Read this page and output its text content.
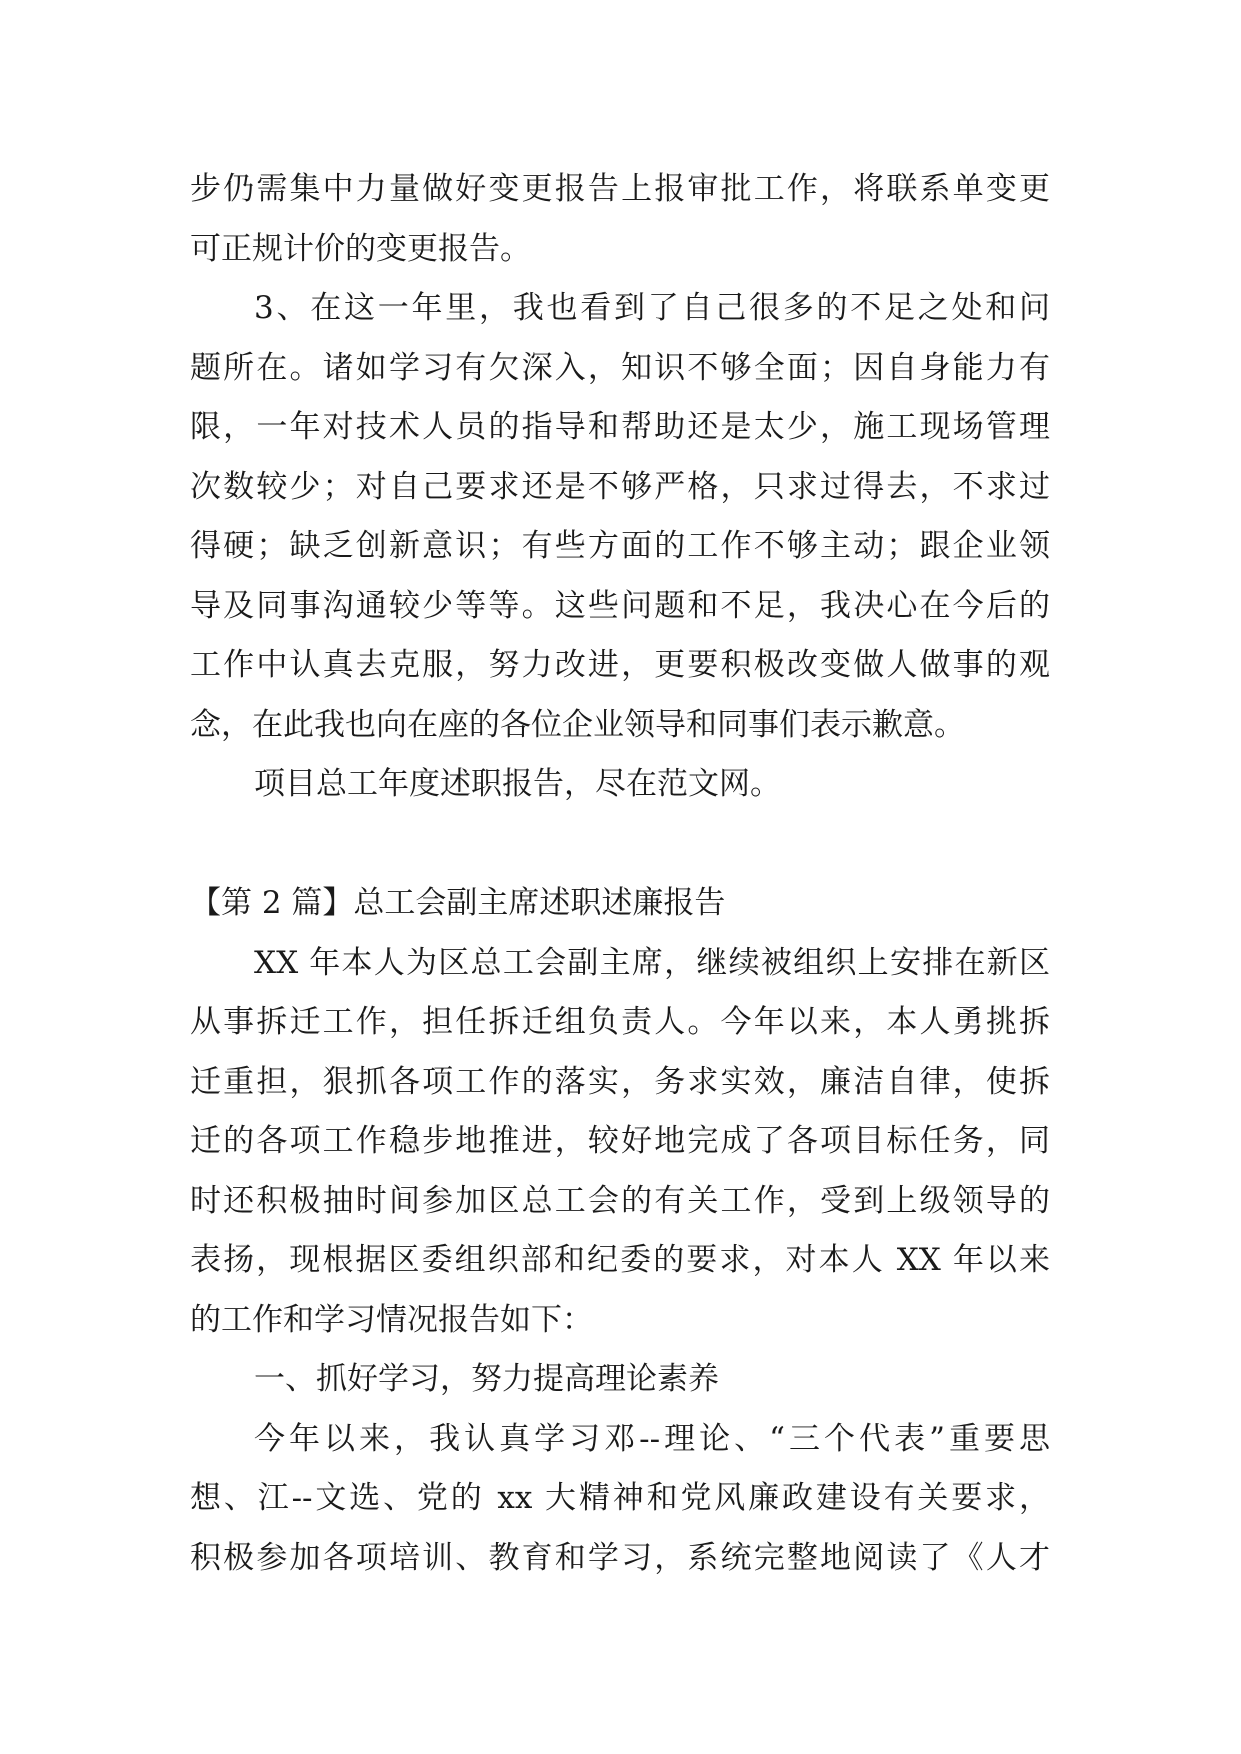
步仍需集中力量做好变更报告上报审批工作，将联系单变更
可正规计价的变更报告。
3、在这一年里，我也看到了自己很多的不足之处和问
题所在。诸如学习有欠深入，知识不够全面；因自身能力有
限，一年对技术人员的指导和帮助还是太少，施工现场管理
次数较少；对自己要求还是不够严格，只求过得去，不求过
得硬；缺乏创新意识；有些方面的工作不够主动；跟企业领
导及同事沟通较少等等。这些问题和不足，我决心在今后的
工作中认真去克服，努力改进，更要积极改变做人做事的观
念，在此我也向在座的各位企业领导和同事们表示歉意。
项目总工年度述职报告，尽在范文网。
【第 2 篇】总工会副主席述职述廉报告
XX 年本人为区总工会副主席，继续被组织上安排在新区
从事拆迁工作，担任拆迁组负责人。今年以来，本人勇挑拆
迁重担，狠抓各项工作的落实，务求实效，廉洁自律，使拆
迁的各项工作稳步地推进，较好地完成了各项目标任务，同
时还积极抽时间参加区总工会的有关工作，受到上级领导的
表扬，现根据区委组织部和纪委的要求，对本人 XX 年以来
的工作和学习情况报告如下：
一、抓好学习，努力提高理论素养
今年以来，我认真学习邓--理论、“三个代表”重要思
想、江--文选、党的 xx 大精神和党风廉政建设有关要求，
积极参加各项培训、教育和学习，系统完整地阅读了《人才
